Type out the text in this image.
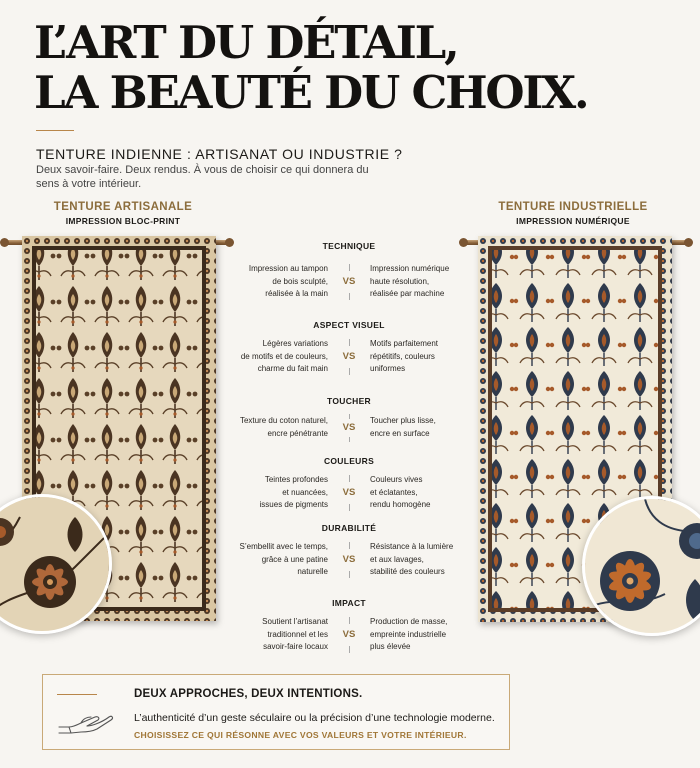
L’ART DU DÉTAIL,
LA BEAUTÉ DU CHOIX.
TENTURE INDIENNE : ARTISANAT OU INDUSTRIE ?
Deux savoir-faire. Deux rendus. À vous de choisir ce qui donnera du sens à votre intérieur.
TENTURE ARTISANALE
IMPRESSION BLOC-PRINT
TENTURE INDUSTRIELLE
IMPRESSION NUMÉRIQUE
TECHNIQUE
Impression au tampon
de bois sculpté,
réalisée à la main
VS
Impression numérique
haute résolution,
réalisée par machine
ASPECT VISUEL
Légères variations
de motifs et de couleurs,
charme du fait main
VS
Motifs parfaitement
répétitifs, couleurs
uniformes
TOUCHER
Texture du coton naturel,
encre pénétrante
VS
Toucher plus lisse,
encre en surface
COULEURS
Teintes profondes
et nuancées,
issues de pigments
VS
Couleurs vives
et éclatantes,
rendu homogène
DURABILITÉ
S’embellit avec le temps,
grâce à une patine
naturelle
VS
Résistance à la lumière
et aux lavages,
stabilité des couleurs
IMPACT
Soutient l’artisanat
traditionnel et les
savoir-faire locaux
VS
Production de masse,
empreinte industrielle
plus élevée
DEUX APPROCHES, DEUX INTENTIONS.
L’authenticité d’un geste séculaire ou la précision d’une technologie moderne.
CHOISISSEZ CE QUI RÉSONNE AVEC VOS VALEURS ET VOTRE INTÉRIEUR.
